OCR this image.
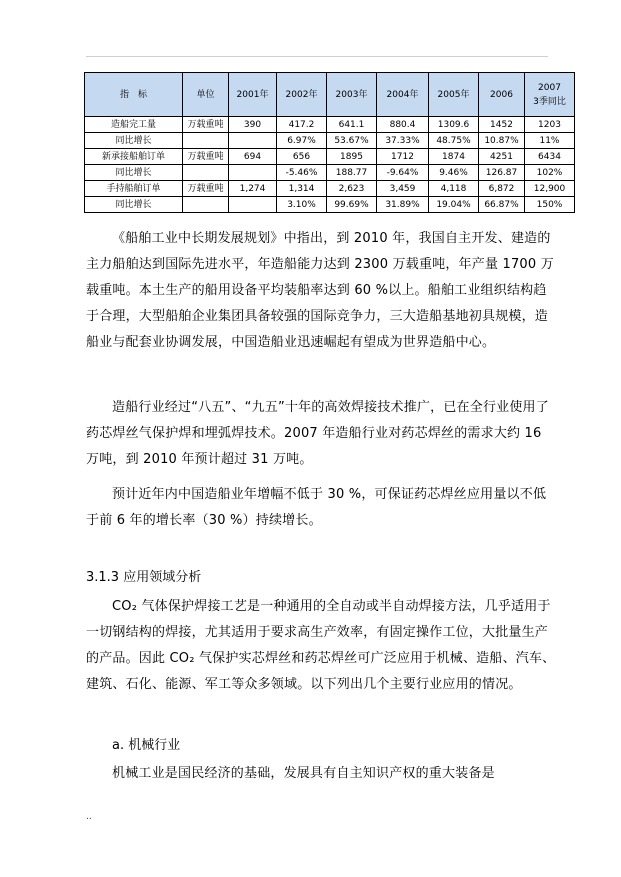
指　标	单位	2001年	2002年	2003年	2004年	2005年	2006	2007
3季同比

造船完工量	万载重吨	390	417.2	641.1	880.4	1309.6	1452	1203
同比增长			6.97%	53.67%	37.33%	48.75%	10.87%	11%
新承接船舶订单	万载重吨	694	656	1895	1712	1874	4251	6434
同比增长			-5.46%	188.77	-9.64%	9.46%	126.87	102%
手持船舶订单	万载重吨	1,274	1,314	2,623	3,459	4,118	6,872	12,900
同比增长			3.10%	99.69%	31.89%	19.04%	66.87%	150%

《船舶工业中长期发展规划》中指出，到 2010 年，我国自主开发、建造的主力船舶达到国际先进水平，年造船能力达到 2300 万载重吨，年产量 1700 万载重吨。本土生产的船用设备平均装船率达到 60 %以上。船舶工业组织结构趋于合理，大型船舶企业集团具备较强的国际竞争力，三大造船基地初具规模，造船业与配套业协调发展，中国造船业迅速崛起有望成为世界造船中心。

造船行业经过“八五”、“九五”十年的高效焊接技术推广，已在全行业使用了药芯焊丝气保护焊和埋弧焊技术。2007 年造船行业对药芯焊丝的需求大约 16 万吨，到 2010 年预计超过 31 万吨。

预计近年内中国造船业年增幅不低于 30 %，可保证药芯焊丝应用量以不低于前 6 年的增长率（30 %）持续增长。

3.1.3 应用领域分析

CO₂ 气体保护焊接工艺是一种通用的全自动或半自动焊接方法，几乎适用于一切钢结构的焊接，尤其适用于要求高生产效率，有固定操作工位，大批量生产的产品。因此 CO₂ 气保护实芯焊丝和药芯焊丝可广泛应用于机械、造船、汽车、建筑、石化、能源、军工等众多领域。以下列出几个主要行业应用的情况。

a. 机械行业

机械工业是国民经济的基础，发展具有自主知识产权的重大装备是

..
